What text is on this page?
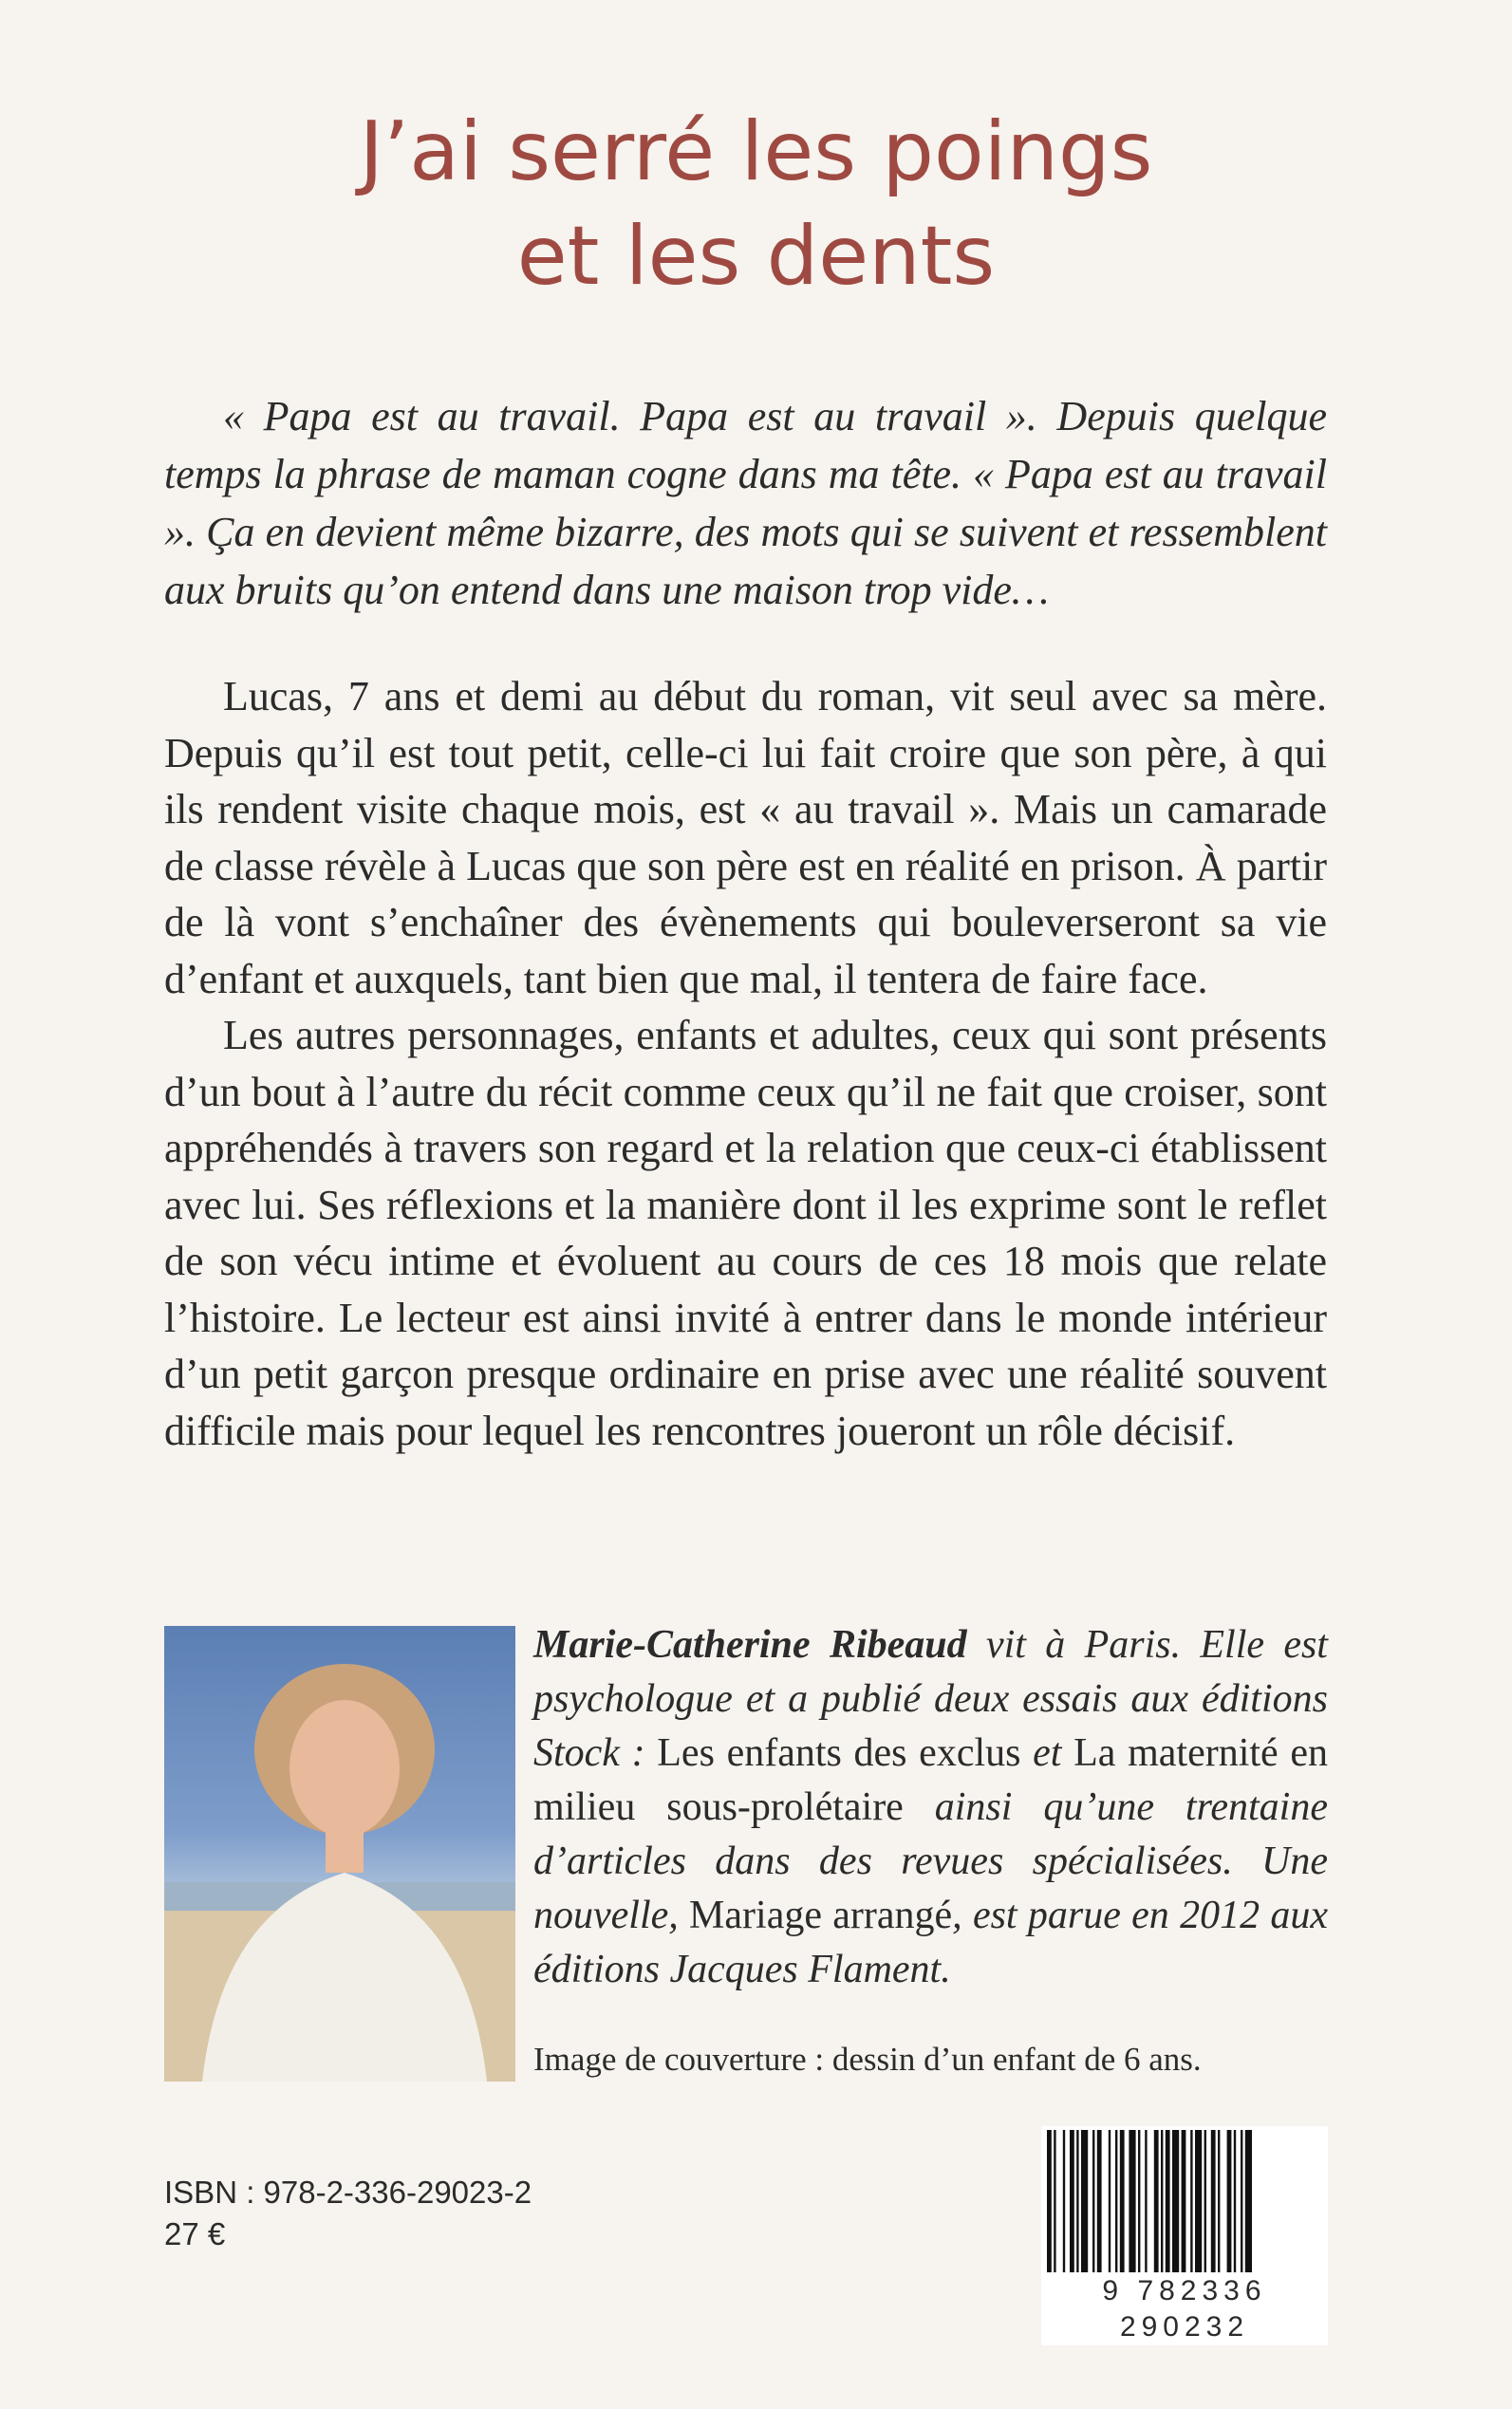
J’ai serré les poings
et les dents
« Papa est au travail. Papa est au travail ». Depuis quelque temps la phrase de maman cogne dans ma tête. « Papa est au travail ». Ça en devient même bizarre, des mots qui se suivent et ressemblent aux bruits qu’on entend dans une maison trop vide…

Lucas, 7 ans et demi au début du roman, vit seul avec sa mère. Depuis qu’il est tout petit, celle-ci lui fait croire que son père, à qui ils rendent visite chaque mois, est « au travail ». Mais un camarade de classe révèle à Lucas que son père est en réalité en prison. À partir de là vont s’enchaîner des évènements qui bouleverseront sa vie d’enfant et auxquels, tant bien que mal, il tentera de faire face.

Les autres personnages, enfants et adultes, ceux qui sont présents d’un bout à l’autre du récit comme ceux qu’il ne fait que croiser, sont appréhendés à travers son regard et la relation que ceux-ci établissent avec lui. Ses réflexions et la manière dont il les exprime sont le reflet de son vécu intime et évoluent au cours de ces 18 mois que relate l’histoire. Le lecteur est ainsi invité à entrer dans le monde intérieur d’un petit garçon presque ordinaire en prise avec une réalité souvent difficile mais pour lequel les rencontres joueront un rôle décisif.

Marie-Catherine Ribeaud vit à Paris. Elle est psychologue et a publié deux essais aux éditions Stock : Les enfants des exclus et La maternité en milieu sous-prolétaire ainsi qu’une trentaine d’articles dans des revues spécialisées. Une nouvelle, Mariage arrangé, est parue en 2012 aux éditions Jacques Flament.
Image de couverture : dessin d’un enfant de 6 ans.
ISBN : 978-2-336-29023-2
27 €
9 782336 290232
